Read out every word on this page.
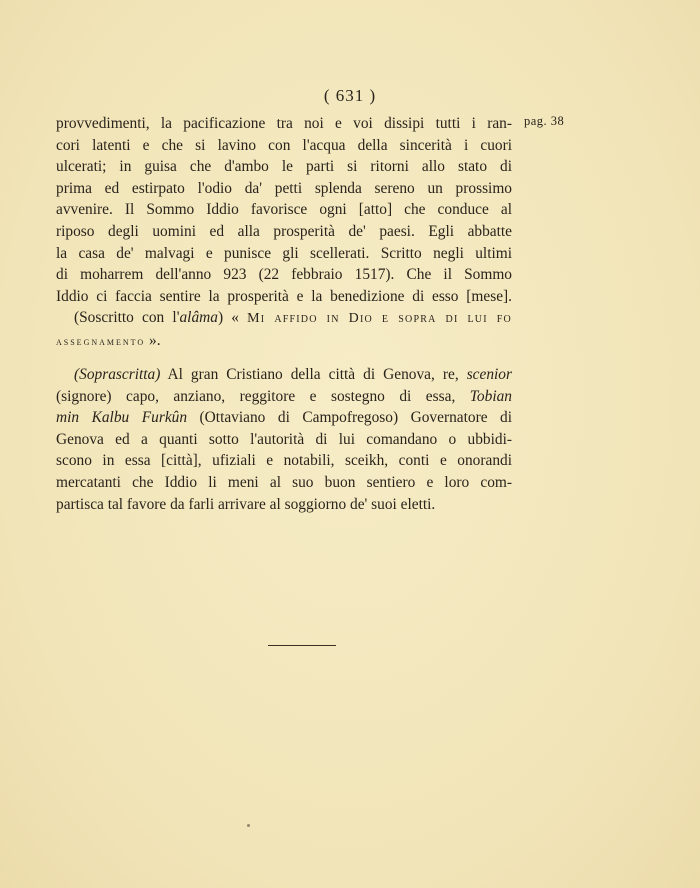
( 631 )
pag. 38
provvedimenti, la pacificazione tra noi e voi dissipi tutti i ran-
cori latenti e che si lavino con l'acqua della sincerità i cuori
ulcerati; in guisa che d'ambo le parti si ritorni allo stato di
prima ed estirpato l'odio da' petti splenda sereno un prossimo
avvenire. Il Sommo Iddio favorisce ogni [atto] che conduce al
riposo degli uomini ed alla prosperità de' paesi. Egli abbatte
la casa de' malvagi e punisce gli scellerati. Scritto negli ultimi
di moharrem dell'anno 923 (22 febbraio 1517). Che il Sommo
Iddio ci faccia sentire la prosperità e la benedizione di esso [mese].
(Soscritto con l'alâma) « Mi affido in Dio e sopra di lui fo
assegnamento ».
(Soprascritta) Al gran Cristiano della città di Genova, re, scenior
(signore) capo, anziano, reggitore e sostegno di essa, Tobian
min Kalbu Furkûn (Ottaviano di Campofregoso) Governatore di
Genova ed a quanti sotto l'autorità di lui comandano o ubbidi-
scono in essa [città], ufiziali e notabili, sceikh, conti e onorandi
mercatanti che Iddio li meni al suo buon sentiero e loro com-
partisca tal favore da farli arrivare al soggiorno de' suoi eletti.
